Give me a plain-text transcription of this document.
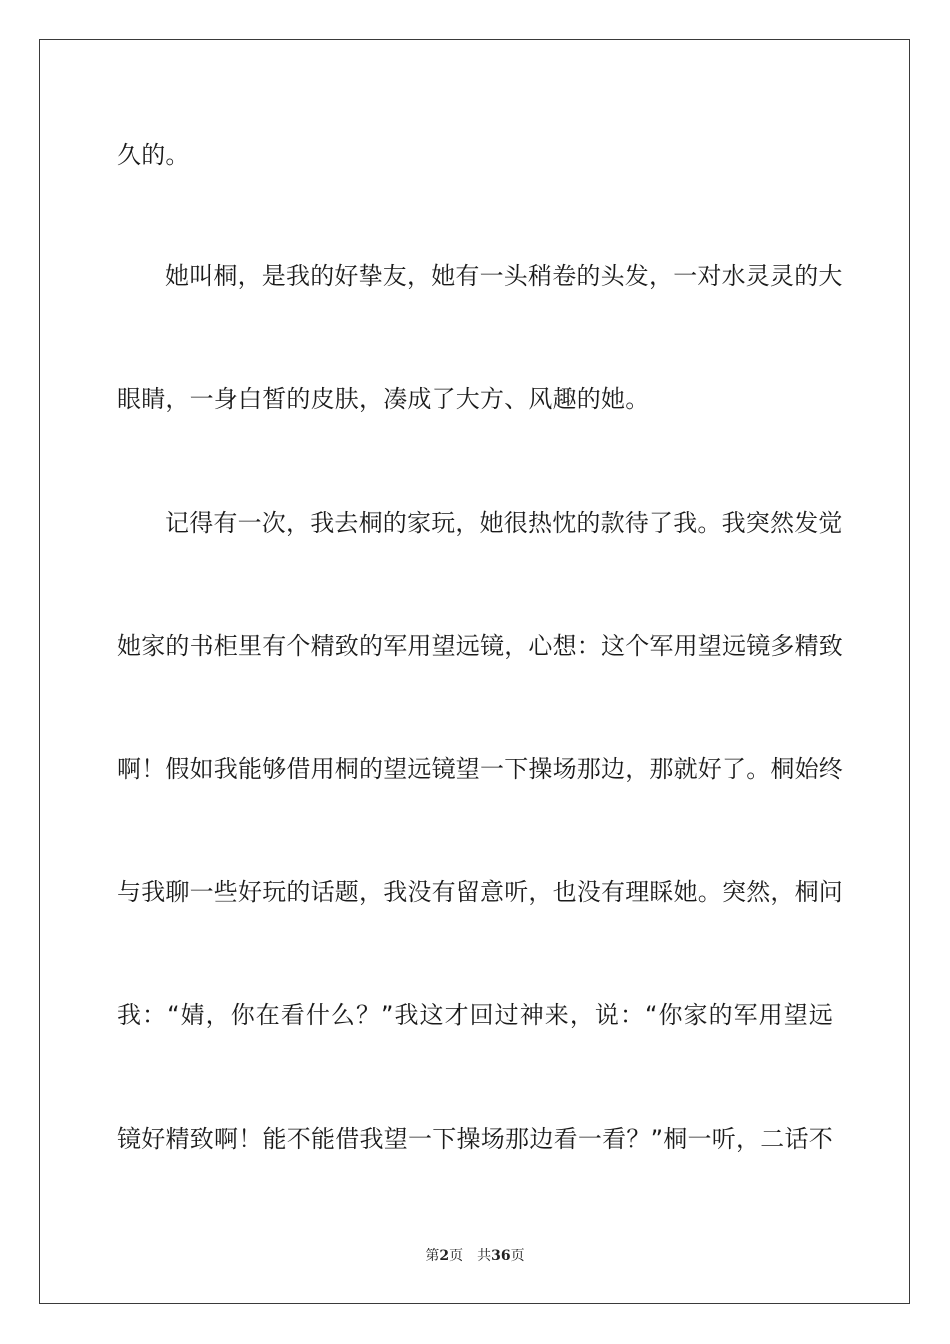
久的。
她叫桐，是我的好挚友，她有一头稍卷的头发，一对水灵灵的大
眼睛，一身白皙的皮肤，凑成了大方、风趣的她。
记得有一次，我去桐的家玩，她很热忱的款待了我。我突然发觉
她家的书柜里有个精致的军用望远镜，心想：这个军用望远镜多精致
啊！假如我能够借用桐的望远镜望一下操场那边，那就好了。桐始终
与我聊一些好玩的话题，我没有留意听，也没有理睬她。突然，桐问
我：“婧，你在看什么？”我这才回过神来，说：“你家的军用望远
镜好精致啊！能不能借我望一下操场那边看一看？”桐一听，二话不
第2页 共36页
